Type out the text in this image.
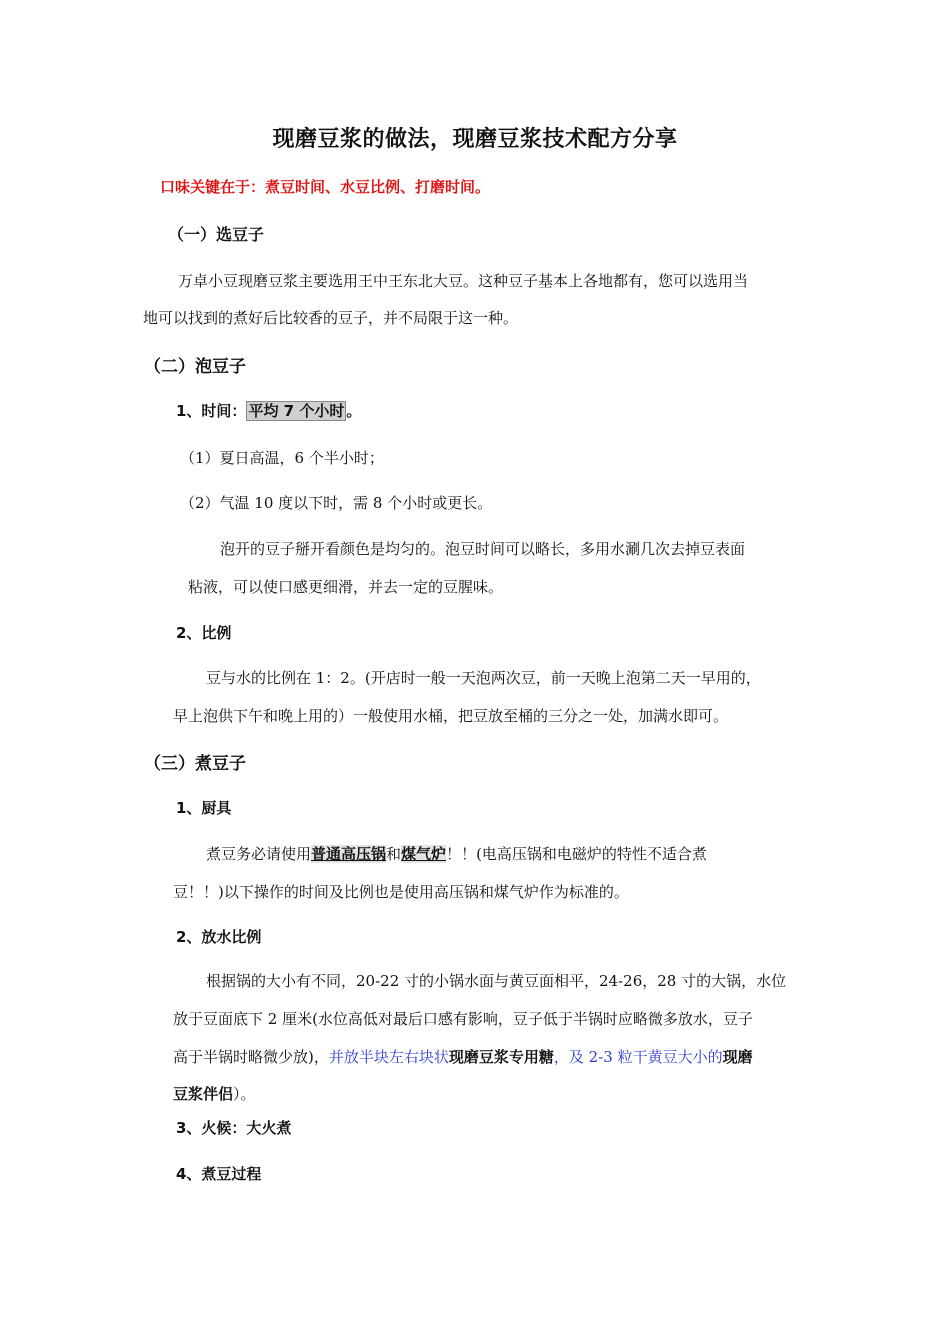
现磨豆浆的做法，现磨豆浆技术配方分享
口味关键在于：煮豆时间、水豆比例、打磨时间。
（一）选豆子
万卓小豆现磨豆浆主要选用王中王东北大豆。这种豆子基本上各地都有，您可以选用当
地可以找到的煮好后比较香的豆子，并不局限于这一种。
（二）泡豆子
1、时间： 平均 7 个小时 。
（1）夏日高温，6 个半小时；
（2）气温 10 度以下时，需 8 个小时或更长。
泡开的豆子掰开看颜色是均匀的。泡豆时间可以略长，多用水涮几次去掉豆表面
粘液，可以使口感更细滑，并去一定的豆腥味。
2、比例
豆与水的比例在 1：2。(开店时一般一天泡两次豆，前一天晚上泡第二天一早用的，
早上泡供下午和晚上用的）一般使用水桶，把豆放至桶的三分之一处，加满水即可。
（三）煮豆子
1、厨具
煮豆务必请使用普通高压锅和煤气炉！！(电高压锅和电磁炉的特性不适合煮
豆！！)以下操作的时间及比例也是使用高压锅和煤气炉作为标准的。
2、放水比例
根据锅的大小有不同，20-22 寸的小锅水面与黄豆面相平，24-26，28 寸的大锅，水位
放于豆面底下 2 厘米(水位高低对最后口感有影响，豆子低于半锅时应略微多放水，豆子
高于半锅时略微少放)，并放半块左右块状现磨豆浆专用糖，及 2-3 粒干黄豆大小的现磨
豆浆伴侣）。
3、火候：大火煮
4、煮豆过程
